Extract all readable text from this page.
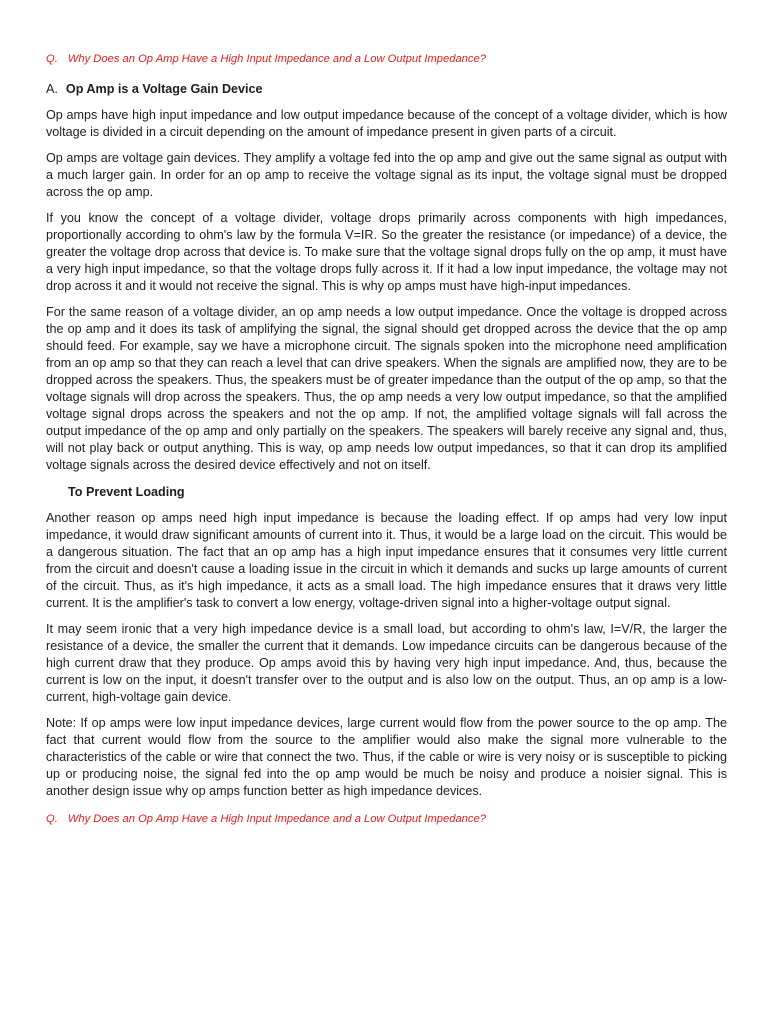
Q. Why Does an Op Amp Have a High Input Impedance and a Low Output Impedance?

A. Op Amp is a Voltage Gain Device

Op amps have high input impedance and low output impedance because of the concept of a voltage divider, which is how voltage is divided in a circuit depending on the amount of impedance present in given parts of a circuit.

Op amps are voltage gain devices. They amplify a voltage fed into the op amp and give out the same signal as output with a much larger gain. In order for an op amp to receive the voltage signal as its input, the voltage signal must be dropped across the op amp.

If you know the concept of a voltage divider, voltage drops primarily across components with high impedances, proportionally according to ohm's law by the formula V=IR. So the greater the resistance (or impedance) of a device, the greater the voltage drop across that device is. To make sure that the voltage signal drops fully on the op amp, it must have a very high input impedance, so that the voltage drops fully across it. If it had a low input impedance, the voltage may not drop across it and it would not receive the signal. This is why op amps must have high-input impedances.

For the same reason of a voltage divider, an op amp needs a low output impedance. Once the voltage is dropped across the op amp and it does its task of amplifying the signal, the signal should get dropped across the device that the op amp should feed. For example, say we have a microphone circuit. The signals spoken into the microphone need amplification from an op amp so that they can reach a level that can drive speakers. When the signals are amplified now, they are to be dropped across the speakers. Thus, the speakers must be of greater impedance than the output of the op amp, so that the voltage signals will drop across the speakers. Thus, the op amp needs a very low output impedance, so that the amplified voltage signal drops across the speakers and not the op amp. If not, the amplified voltage signals will fall across the output impedance of the op amp and only partially on the speakers. The speakers will barely receive any signal and, thus, will not play back or output anything. This is way, op amp needs low output impedances, so that it can drop its amplified voltage signals across the desired device effectively and not on itself.

To Prevent Loading

Another reason op amps need high input impedance is because the loading effect. If op amps had very low input impedance, it would draw significant amounts of current into it. Thus, it would be a large load on the circuit. This would be a dangerous situation. The fact that an op amp has a high input impedance ensures that it consumes very little current from the circuit and doesn't cause a loading issue in the circuit in which it demands and sucks up large amounts of current of the circuit. Thus, as it's high impedance, it acts as a small load. The high impedance ensures that it draws very little current. It is the amplifier's task to convert a low energy, voltage-driven signal into a higher-voltage output signal.

It may seem ironic that a very high impedance device is a small load, but according to ohm's law, I=V/R, the larger the resistance of a device, the smaller the current that it demands. Low impedance circuits can be dangerous because of the high current draw that they produce. Op amps avoid this by having very high input impedance. And, thus, because the current is low on the input, it doesn't transfer over to the output and is also low on the output. Thus, an op amp is a low-current, high-voltage gain device.

Note: If op amps were low input impedance devices, large current would flow from the power source to the op amp. The fact that current would flow from the source to the amplifier would also make the signal more vulnerable to the characteristics of the cable or wire that connect the two. Thus, if the cable or wire is very noisy or is susceptible to picking up or producing noise, the signal fed into the op amp would be much be noisy and produce a noisier signal. This is another design issue why op amps function better as high impedance devices.

Q. Why Does an Op Amp Have a High Input Impedance and a Low Output Impedance?
